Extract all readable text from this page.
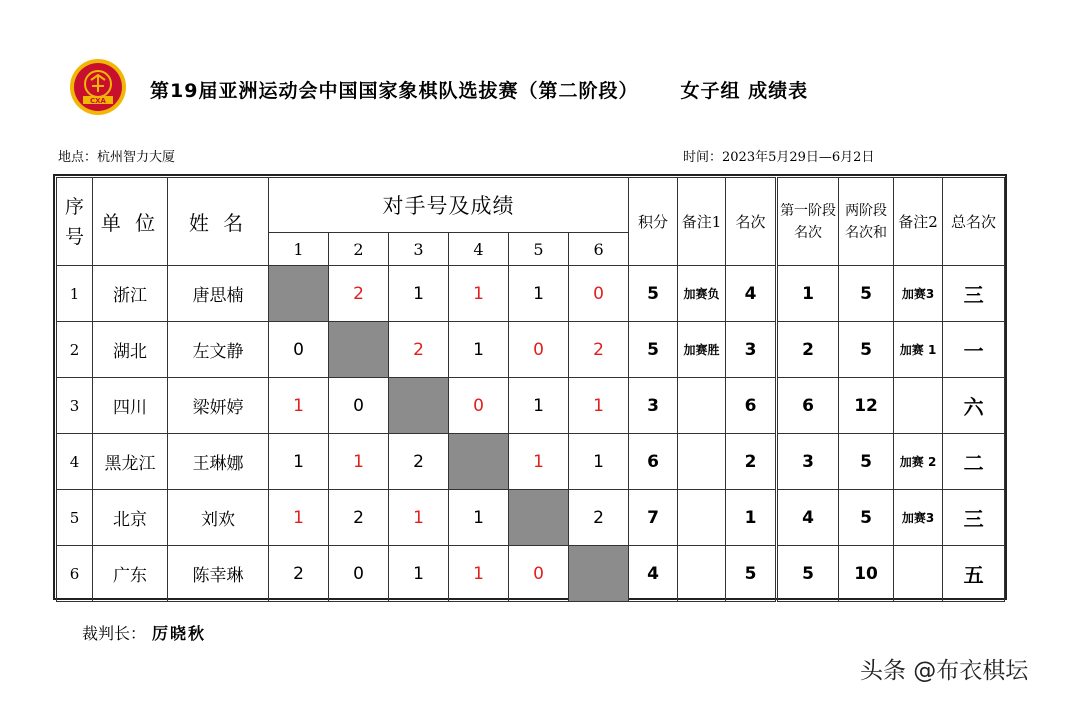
CXA 第19届亚洲运动会中国国家象棋队选拔赛（第二阶段） 女子组 成绩表
地点：杭州智力大厦	时间：2023年5月29日—6月2日
序号	单 位	姓 名	对手号及成绩						积分	备注1	名次	第一阶段名次	两阶段名次和	备注2	总名次
			1	2	3	4	5	6							
1	浙江	唐思楠		2	1	1	1	0	5	加赛负	4	1	5	加赛3	三
2	湖北	左文静	0		2	1	0	2	5	加赛胜	3	2	5	加赛 1	一
3	四川	梁妍婷	1	0		0	1	1	3		6	6	12		六
4	黑龙江	王琳娜	1	1	2		1	1	6		2	3	5	加赛 2	二
5	北京	刘欢	1	2	1	1		2	7		1	4	5	加赛3	三
6	广东	陈幸琳	2	0	1	1	0		4		5	5	10		五
裁判长： 厉晓秋
头条 @布衣棋坛
